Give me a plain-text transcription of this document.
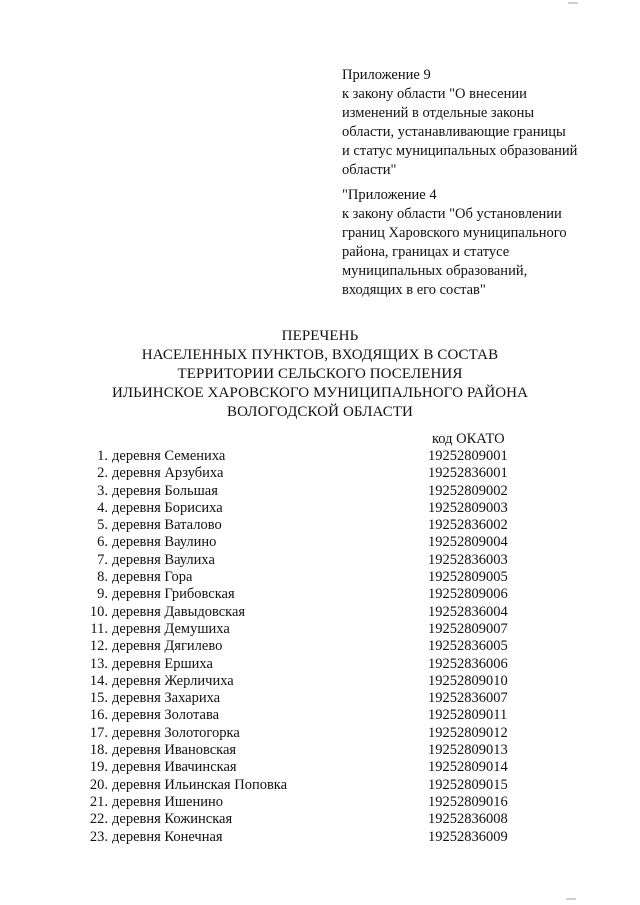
Приложение 9
к закону области "О внесении
изменений в отдельные законы
области, устанавливающие границы
и статус муниципальных образований
области"
"Приложение 4
к закону области "Об установлении
границ Харовского муниципального
района, границах и статусе
муниципальных образований,
входящих в его состав"
ПЕРЕЧЕНЬ
НАСЕЛЕННЫХ ПУНКТОВ, ВХОДЯЩИХ В СОСТАВ
ТЕРРИТОРИИ СЕЛЬСКОГО ПОСЕЛЕНИЯ
ИЛЬИНСКОЕ ХАРОВСКОГО МУНИЦИПАЛЬНОГО РАЙОНА
ВОЛОГОДСКОЙ ОБЛАСТИ
код ОКАТО
1. деревня Семениха	19252809001
2. деревня Арзубиха	19252836001
3. деревня Большая	19252809002
4. деревня Борисиха	19252809003
5. деревня Ваталово	19252836002
6. деревня Ваулино	19252809004
7. деревня Ваулиха	19252836003
8. деревня Гора	19252809005
9. деревня Грибовская	19252809006
10. деревня Давыдовская	19252836004
11. деревня Демушиха	19252809007
12. деревня Дягилево	19252836005
13. деревня Ершиха	19252836006
14. деревня Жерличиха	19252809010
15. деревня Захариха	19252836007
16. деревня Золотава	19252809011
17. деревня Золотогорка	19252809012
18. деревня Ивановская	19252809013
19. деревня Ивачинская	19252809014
20. деревня Ильинская Поповка	19252809015
21. деревня Ишенино	19252809016
22. деревня Кожинская	19252836008
23. деревня Конечная	19252836009
